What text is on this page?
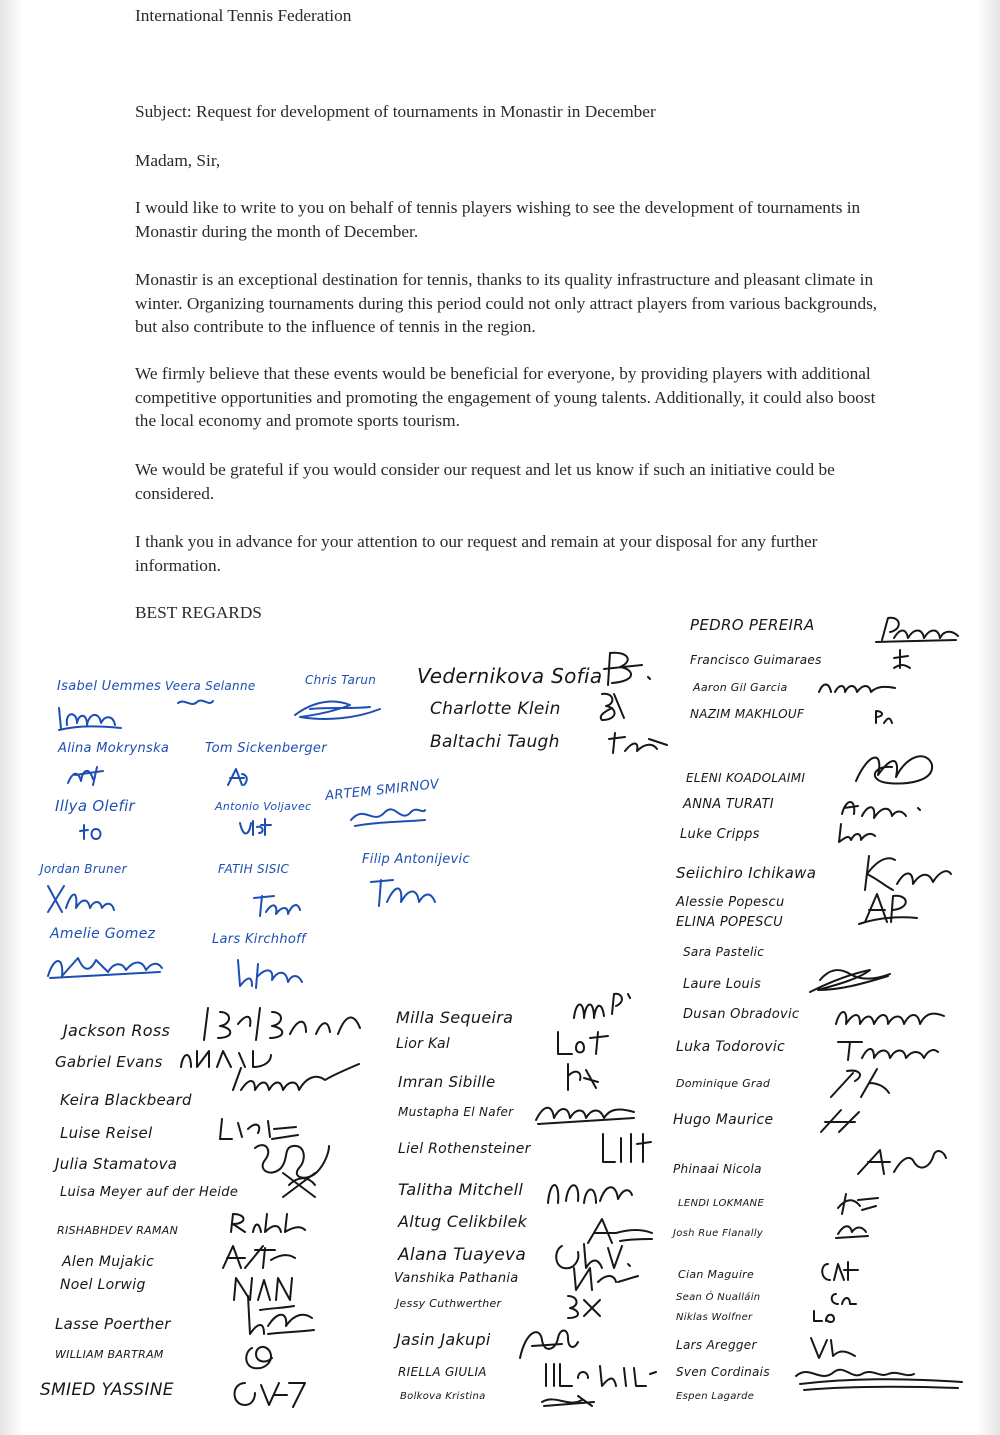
International Tennis Federation

Subject: Request for development of tournaments in Monastir in December

Madam, Sir,

I would like to write to you on behalf of tennis players wishing to see the development of tournaments in Monastir during the month of December.

Monastir is an exceptional destination for tennis, thanks to its quality infrastructure and pleasant climate in winter. Organizing tournaments during this period could not only attract players from various backgrounds, but also contribute to the influence of tennis in the region.

We firmly believe that these events would be beneficial for everyone, by providing players with additional competitive opportunities and promoting the engagement of young talents. Additionally, it could also boost the local economy and promote sports tourism.

We would be grateful if you would consider our request and let us know if such an initiative could be considered.

I thank you in advance for your attention to our request and remain at your disposal for any further information.

BEST REGARDS

Isabel Uemmes Veera Selanne	Chris Tarun
Alina Mokrynska	Tom Sickenberger
Illya Olefir	Antonio Voljavec
ARTEM SMIRNOV
Jordan Bruner	FATIH SISIC
Filip Antonijevic
Amelie Gomez	Lars Kirchhoff
Vedernikova Sofia
Charlotte Klein
Baltachi Taugh
PEDRO PEREIRA
Francisco Guimaraes
Aaron Gil Garcia
NAZIM MAKHLOUF
ELENI KOADOLAIMI
ANNA TURATI
Luke Cripps
Seiichiro Ichikawa
Alessie Popescu
ELINA POPESCU
Sara Pastelic
Laure Louis
Dusan Obradovic
Luka Todorovic
Dominique Grad
Hugo Maurice
Phinaai Nicola
LENDI LOKMANE
Josh Rue Flanally
Cian Maguire
Sean Ó Nualláin
Niklas Wolfner
Lars Aregger
Sven Cordinais
Espen Lagarde
Jackson Ross
Gabriel Evans
Keira Blackbeard
Luise Reisel
Julia Stamatova
Luisa Meyer auf der Heide
RISHABHDEV RAMAN
Alen Mujakic
Noel Lorwig
Lasse Poerther
WILLIAM BARTRAM
SMIED YASSINE
Milla Sequeira
Lior Kal
Imran Sibille
Mustapha El Nafer
Liel Rothensteiner
Talitha Mitchell
Altug Celikbilek
Alana Tuayeva
Vanshika Pathania
Jessy Cuthwerther
Jasin Jakupi
RIELLA GIULIA
Bolkova Kristina
